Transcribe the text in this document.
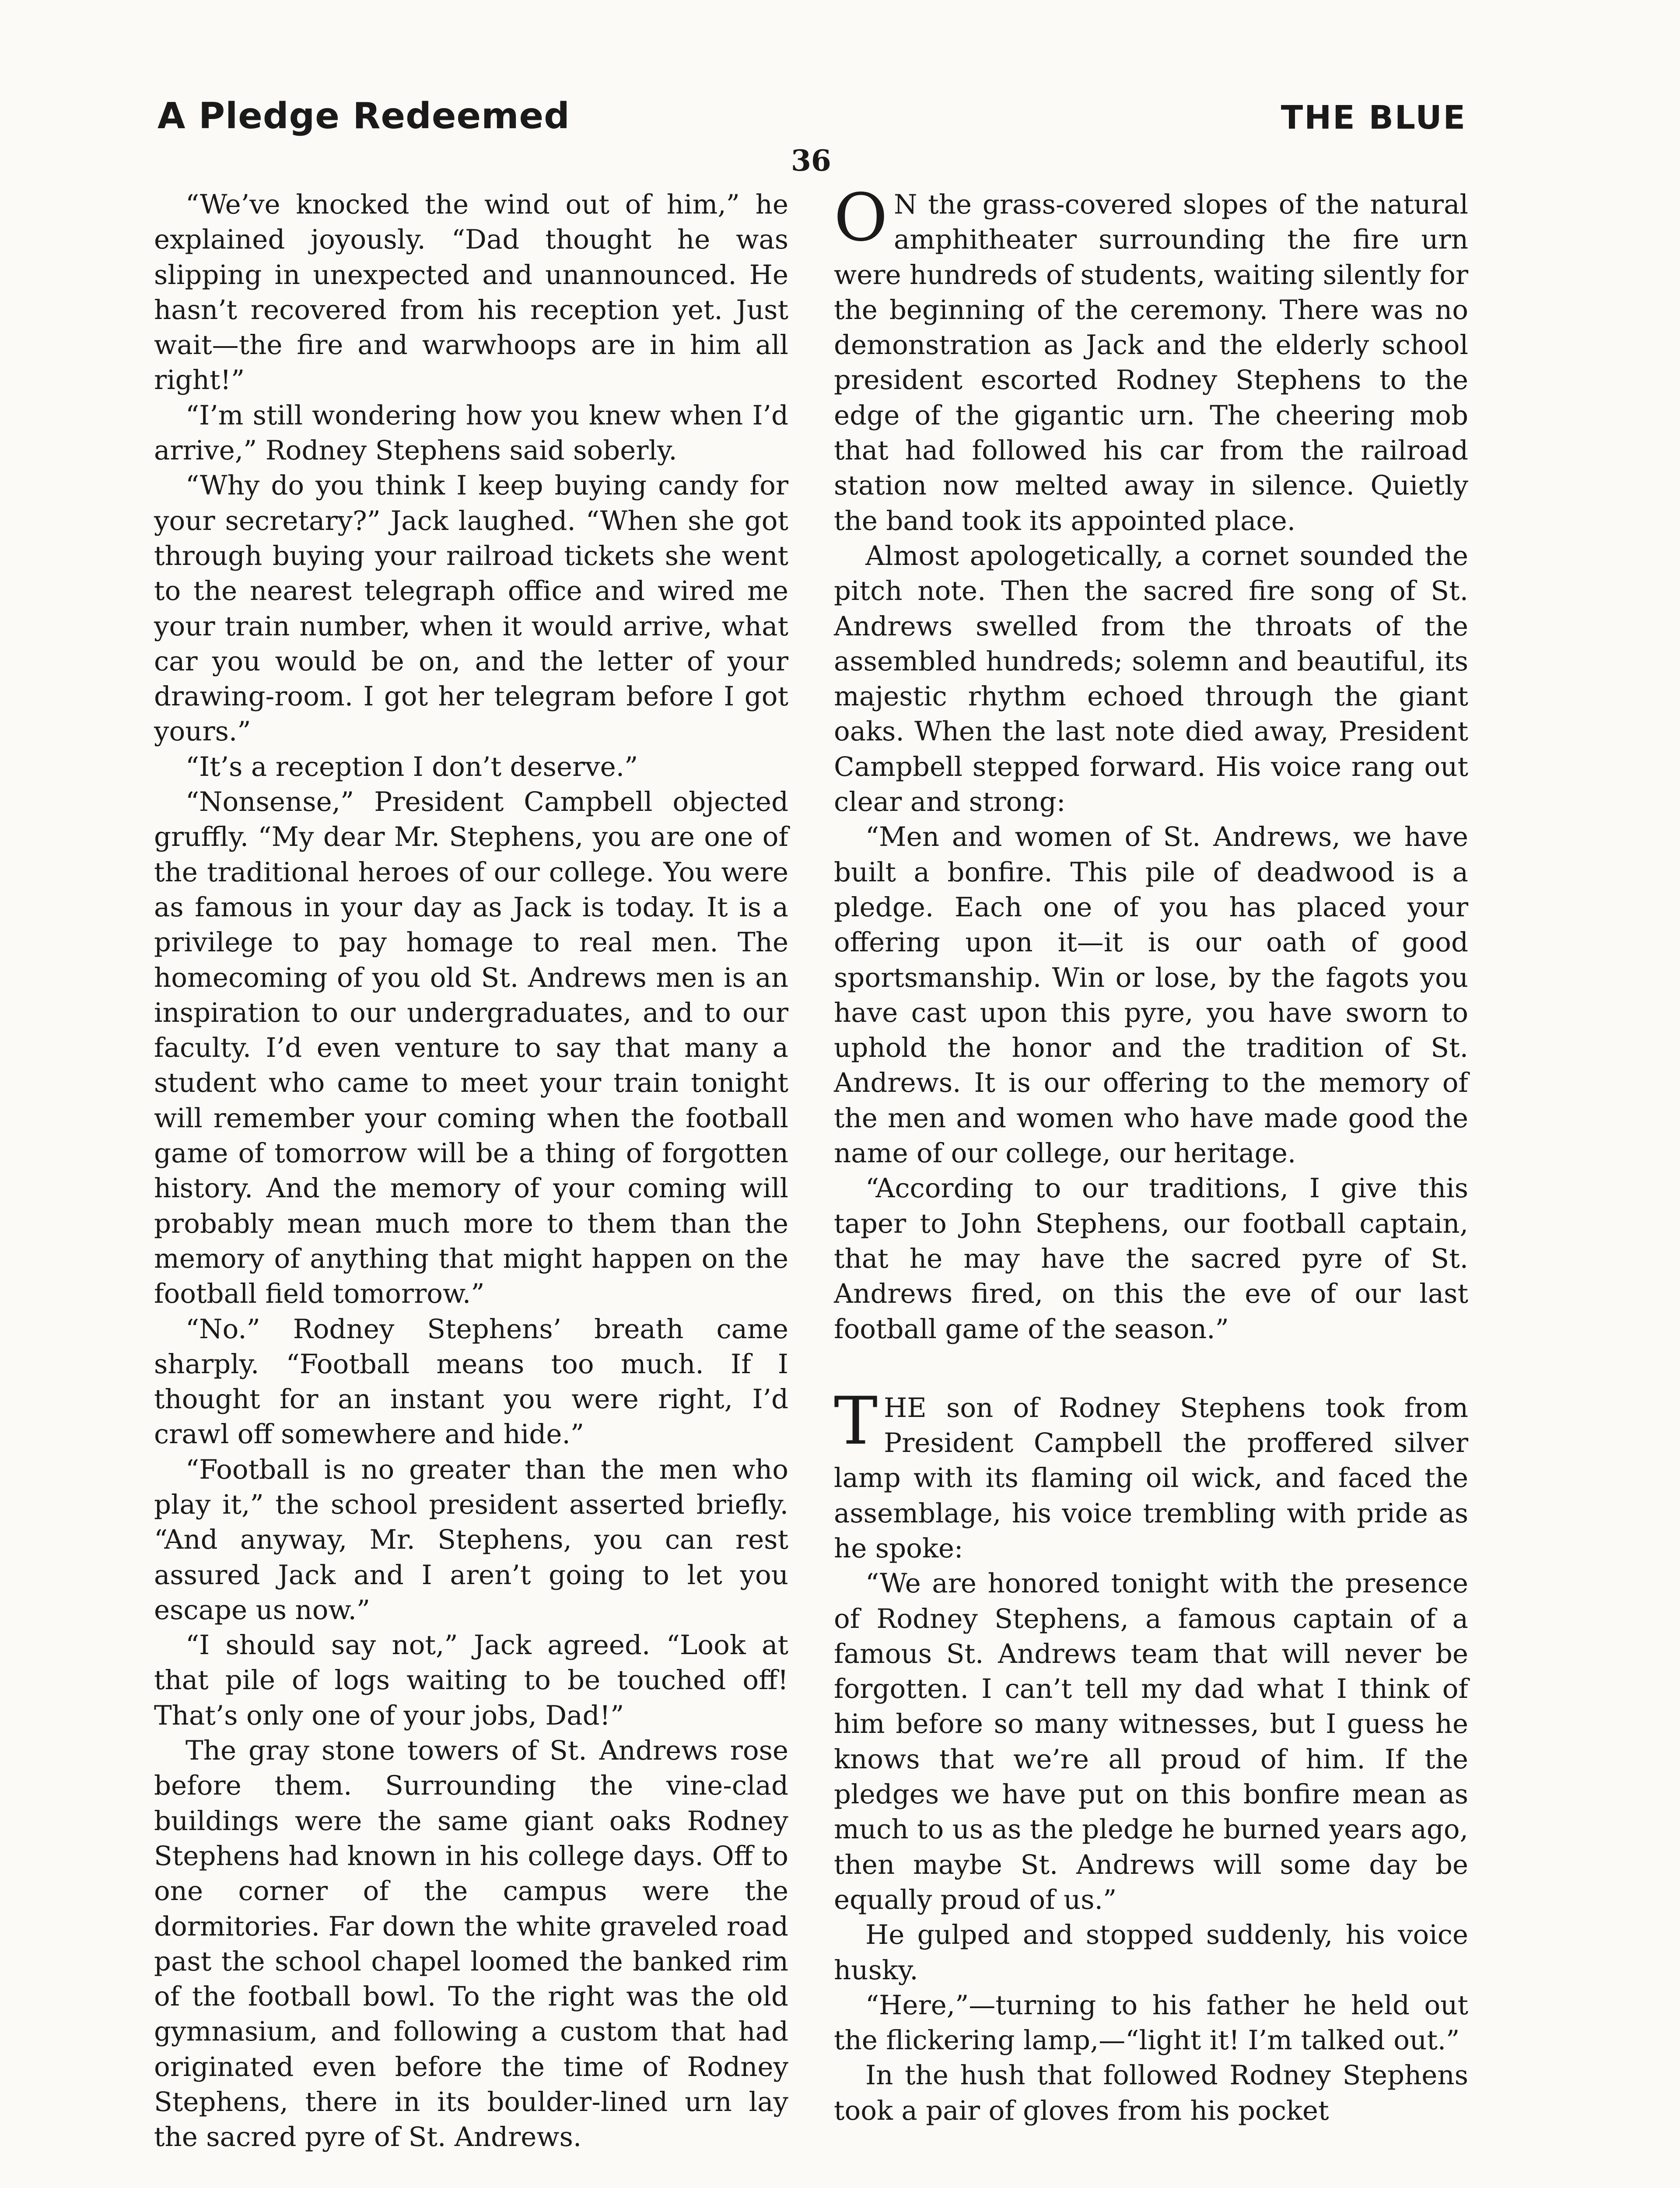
A Pledge Redeemed	THE BLUE
36

“We’ve knocked the wind out of him,” he explained joyously. “Dad thought he was slipping in unexpected and unannounced. He hasn’t recovered from his reception yet. Just wait—the fire and warwhoops are in him all right!”

“I’m still wondering how you knew when I’d arrive,” Rodney Stephens said soberly.

“Why do you think I keep buying candy for your secretary?” Jack laughed. “When she got through buying your railroad tickets she went to the nearest telegraph office and wired me your train number, when it would arrive, what car you would be on, and the letter of your drawing-room. I got her telegram before I got yours.”

“It’s a reception I don’t deserve.”

“Nonsense,” President Campbell objected gruffly. “My dear Mr. Stephens, you are one of the traditional heroes of our college. You were as famous in your day as Jack is today. It is a privilege to pay homage to real men. The homecoming of you old St. Andrews men is an inspiration to our undergraduates, and to our faculty. I’d even venture to say that many a student who came to meet your train tonight will remember your coming when the football game of tomorrow will be a thing of forgotten history. And the memory of your coming will probably mean much more to them than the memory of anything that might happen on the football field tomorrow.”

“No.” Rodney Stephens’ breath came sharply. “Football means too much. If I thought for an instant you were right, I’d crawl off somewhere and hide.”

“Football is no greater than the men who play it,” the school president asserted briefly. “And anyway, Mr. Stephens, you can rest assured Jack and I aren’t going to let you escape us now.”

“I should say not,” Jack agreed. “Look at that pile of logs waiting to be touched off! That’s only one of your jobs, Dad!”

The gray stone towers of St. Andrews rose before them. Surrounding the vine-clad buildings were the same giant oaks Rodney Stephens had known in his college days. Off to one corner of the campus were the dormitories. Far down the white graveled road past the school chapel loomed the banked rim of the football bowl. To the right was the old gymnasium, and following a custom that had originated even before the time of Rodney Stephens, there in its boulder-lined urn lay the sacred pyre of St. Andrews.

O N the grass-covered slopes of the natural amphitheater surrounding the fire urn were hundreds of students, waiting silently for the beginning of the ceremony. There was no demonstration as Jack and the elderly school president escorted Rodney Stephens to the edge of the gigantic urn. The cheering mob that had followed his car from the railroad station now melted away in silence. Quietly the band took its appointed place.

Almost apologetically, a cornet sounded the pitch note. Then the sacred fire song of St. Andrews swelled from the throats of the assembled hundreds; solemn and beautiful, its majestic rhythm echoed through the giant oaks. When the last note died away, President Campbell stepped forward. His voice rang out clear and strong:

“Men and women of St. Andrews, we have built a bonfire. This pile of deadwood is a pledge. Each one of you has placed your offering upon it—it is our oath of good sportsmanship. Win or lose, by the fagots you have cast upon this pyre, you have sworn to uphold the honor and the tradition of St. Andrews. It is our offering to the memory of the men and women who have made good the name of our college, our heritage.

“According to our traditions, I give this taper to John Stephens, our football captain, that he may have the sacred pyre of St. Andrews fired, on this the eve of our last football game of the season.”

THE son of Rodney Stephens took from President Campbell the proffered silver lamp with its flaming oil wick, and faced the assemblage, his voice trembling with pride as he spoke:

“We are honored tonight with the presence of Rodney Stephens, a famous captain of a famous St. Andrews team that will never be forgotten. I can’t tell my dad what I think of him before so many witnesses, but I guess he knows that we’re all proud of him. If the pledges we have put on this bonfire mean as much to us as the pledge he burned years ago, then maybe St. Andrews will some day be equally proud of us.”

He gulped and stopped suddenly, his voice husky.

“Here,”—turning to his father he held out the flickering lamp,—“light it! I’m talked out.”

In the hush that followed Rodney Stephens took a pair of gloves from his pocket
